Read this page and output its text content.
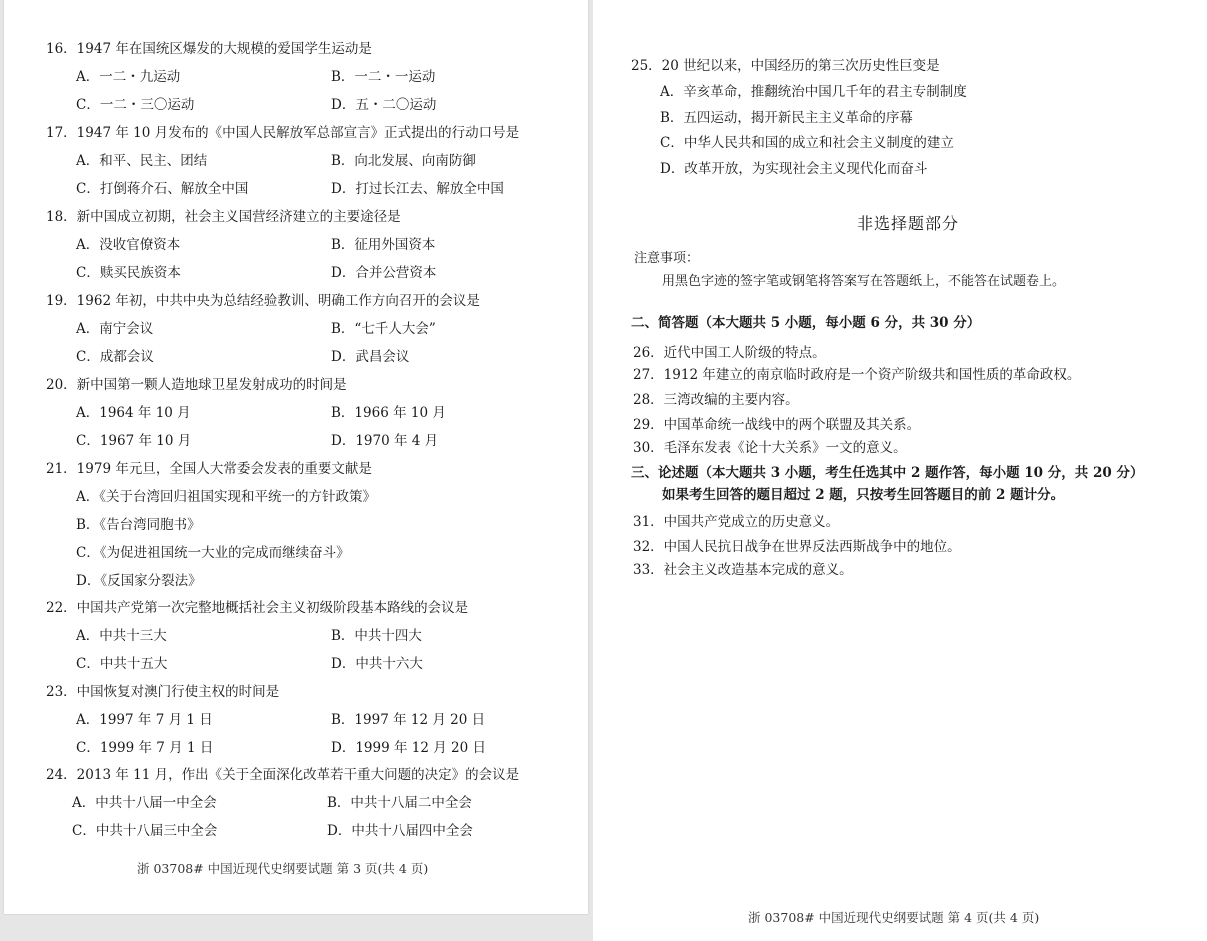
16．1947 年在国统区爆发的大规模的爱国学生运动是
A．一二・九运动	B．一二・一运动
C．一二・三〇运动	D．五・二〇运动
17．1947 年 10 月发布的《中国人民解放军总部宣言》正式提出的行动口号是
A．和平、民主、团结	B．向北发展、向南防御
C．打倒蒋介石、解放全中国	D．打过长江去、解放全中国
18．新中国成立初期，社会主义国营经济建立的主要途径是
A．没收官僚资本	B．征用外国资本
C．赎买民族资本	D．合并公营资本
19．1962 年初，中共中央为总结经验教训、明确工作方向召开的会议是
A．南宁会议	B．“七千人大会”
C．成都会议	D．武昌会议
20．新中国第一颗人造地球卫星发射成功的时间是
A．1964 年 10 月	B．1966 年 10 月
C．1967 年 10 月	D．1970 年 4 月
21．1979 年元旦，全国人大常委会发表的重要文献是
A．《关于台湾回归祖国实现和平统一的方针政策》
B．《告台湾同胞书》
C．《为促进祖国统一大业的完成而继续奋斗》
D．《反国家分裂法》
22．中国共产党第一次完整地概括社会主义初级阶段基本路线的会议是
A．中共十三大	B．中共十四大
C．中共十五大	D．中共十六大
23．中国恢复对澳门行使主权的时间是
A．1997 年 7 月 1 日	B．1997 年 12 月 20 日
C．1999 年 7 月 1 日	D．1999 年 12 月 20 日
24．2013 年 11 月，作出《关于全面深化改革若干重大问题的决定》的会议是
A．中共十八届一中全会	B．中共十八届二中全会
C．中共十八届三中全会	D．中共十八届四中全会
浙 03708# 中国近现代史纲要试题 第 3 页(共 4 页)
25．20 世纪以来，中国经历的第三次历史性巨变是
A．辛亥革命，推翻统治中国几千年的君主专制制度
B．五四运动，揭开新民主主义革命的序幕
C．中华人民共和国的成立和社会主义制度的建立
D．改革开放，为实现社会主义现代化而奋斗
非选择题部分
注意事项：
用黑色字迹的签字笔或钢笔将答案写在答题纸上，不能答在试题卷上。
二、简答题（本大题共 5 小题，每小题 6 分，共 30 分）
26．近代中国工人阶级的特点。
27．1912 年建立的南京临时政府是一个资产阶级共和国性质的革命政权。
28．三湾改编的主要内容。
29．中国革命统一战线中的两个联盟及其关系。
30．毛泽东发表《论十大关系》一文的意义。
三、论述题（本大题共 3 小题，考生任选其中 2 题作答，每小题 10 分，共 20 分）
如果考生回答的题目超过 2 题，只按考生回答题目的前 2 题计分。
31．中国共产党成立的历史意义。
32．中国人民抗日战争在世界反法西斯战争中的地位。
33．社会主义改造基本完成的意义。
浙 03708# 中国近现代史纲要试题 第 4 页(共 4 页)
